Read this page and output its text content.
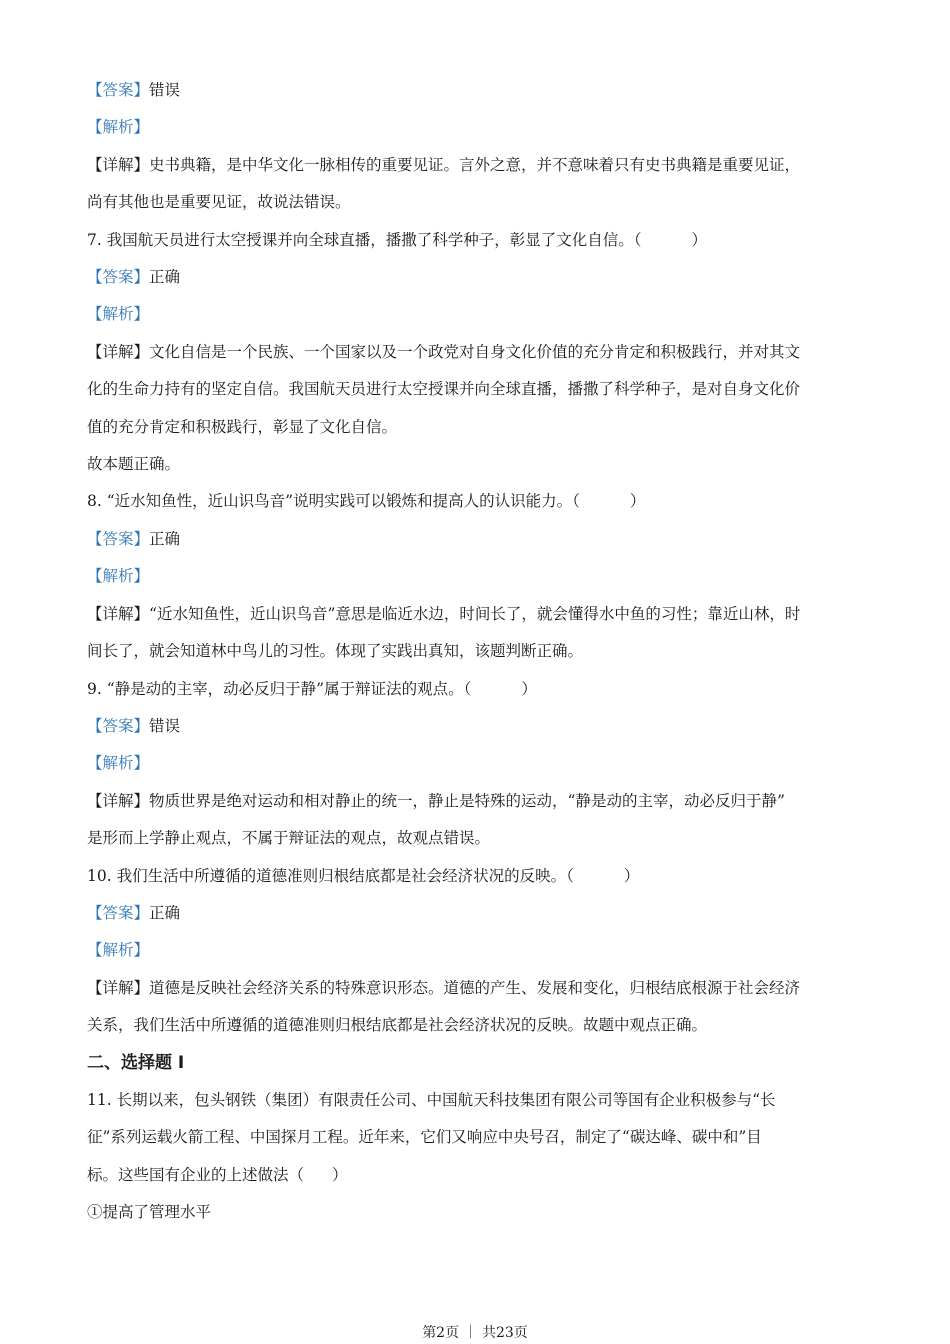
【答案】错误
【解析】
【详解】史书典籍，是中华文化一脉相传的重要见证。言外之意，并不意味着只有史书典籍是重要见证，
尚有其他也是重要见证，故说法错误。
7. 我国航天员进行太空授课并向全球直播，播撒了科学种子，彰显了文化自信。（	）
【答案】正确
【解析】
【详解】文化自信是一个民族、一个国家以及一个政党对自身文化价值的充分肯定和积极践行，并对其文
化的生命力持有的坚定自信。我国航天员进行太空授课并向全球直播，播撒了科学种子，是对自身文化价
值的充分肯定和积极践行，彰显了文化自信。
故本题正确。
8. “近水知鱼性，近山识鸟音”说明实践可以锻炼和提高人的认识能力。（	）
【答案】正确
【解析】
【详解】“近水知鱼性，近山识鸟音”意思是临近水边，时间长了，就会懂得水中鱼的习性；靠近山林，时
间长了，就会知道林中鸟儿的习性。体现了实践出真知，该题判断正确。
9. “静是动的主宰，动必反归于静”属于辩证法的观点。（	）
【答案】错误
【解析】
【详解】物质世界是绝对运动和相对静止的统一，静止是特殊的运动，“静是动的主宰，动必反归于静”
是形而上学静止观点，不属于辩证法的观点，故观点错误。
10. 我们生活中所遵循的道德准则归根结底都是社会经济状况的反映。（	）
【答案】正确
【解析】
【详解】道德是反映社会经济关系的特殊意识形态。道德的产生、发展和变化，归根结底根源于社会经济
关系，我们生活中所遵循的道德准则归根结底都是社会经济状况的反映。故题中观点正确。
二、选择题 I
11. 长期以来，包头钢铁（集团）有限责任公司、中国航天科技集团有限公司等国有企业积极参与“长
征”系列运载火箭工程、中国探月工程。近年来，它们又响应中央号召，制定了“碳达峰、碳中和”目
标。这些国有企业的上述做法（ ）
①提高了管理水平
第2页 ｜ 共23页
